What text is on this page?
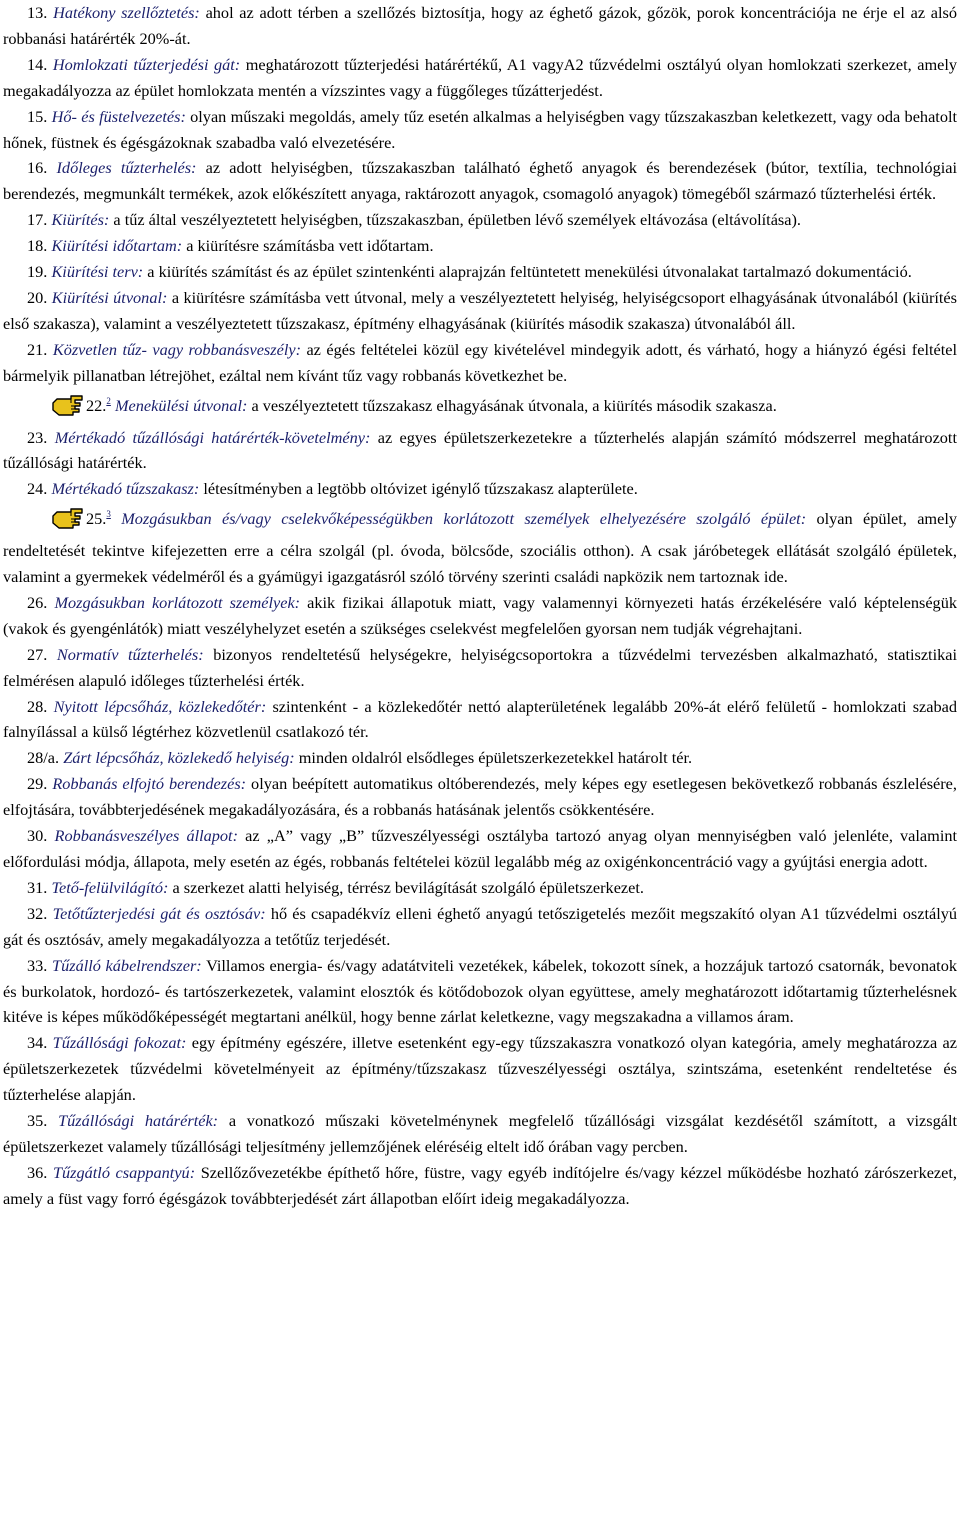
13. Hatékony szellőztetés: ahol az adott térben a szellőzés biztosítja, hogy az éghető gázok, gőzök, porok koncentrációja ne érje el az alsó robbanási határérték 20%-át.

14. Homlokzati tűzterjedési gát: meghatározott tűzterjedési határértékű, A1 vagyA2 tűzvédelmi osztályú olyan homlokzati szerkezet, amely megakadályozza az épület homlokzata mentén a vízszintes vagy a függőleges tűzátterjedést.

15. Hő- és füstelvezetés: olyan műszaki megoldás, amely tűz esetén alkalmas a helyiségben vagy tűzszakaszban keletkezett, vagy oda behatolt hőnek, füstnek és égésgázoknak szabadba való elvezetésére.

16. Időleges tűzterhelés: az adott helyiségben, tűzszakaszban található éghető anyagok és berendezések (bútor, textília, technológiai berendezés, megmunkált termékek, azok előkészített anyaga, raktározott anyagok, csomagoló anyagok) tömegéből származó tűzterhelési érték.

17. Kiürítés: a tűz által veszélyeztetett helyiségben, tűzszakaszban, épületben lévő személyek eltávozása (eltávolítása).

18. Kiürítési időtartam: a kiürítésre számításba vett időtartam.

19. Kiürítési terv: a kiürítés számítást és az épület szintenkénti alaprajzán feltüntetett menekülési útvonalakat tartalmazó dokumentáció.

20. Kiürítési útvonal: a kiürítésre számításba vett útvonal, mely a veszélyeztetett helyiség, helyiségcsoport elhagyásának útvonalából (kiürítés első szakasza), valamint a veszélyeztetett tűzszakasz, építmény elhagyásának (kiürítés második szakasza) útvonalából áll.

21. Közvetlen tűz- vagy robbanásveszély: az égés feltételei közül egy kivételével mindegyik adott, és várható, hogy a hiányzó égési feltétel bármelyik pillanatban létrejöhet, ezáltal nem kívánt tűz vagy robbanás következhet be.

22.$^2$ Menekülési útvonal: a veszélyeztetett tűzszakasz elhagyásának útvonala, a kiürítés második szakasza.

23. Mértékadó tűzállósági határérték-követelmény: az egyes épületszerkezetekre a tűzterhelés alapján számító módszerrel meghatározott tűzállósági határérték.

24. Mértékadó tűzszakasz: létesítményben a legtöbb oltóvizet igénylő tűzszakasz alapterülete.

25.$^3$ Mozgásukban és/vagy cselekvőképességükben korlátozott személyek elhelyezésére szolgáló épület: olyan épület, amely rendeltetését tekintve kifejezetten erre a célra szolgál (pl. óvoda, bölcsőde, szociális otthon). A csak járóbetegek ellátását szolgáló épületek, valamint a gyermekek védelméről és a gyámügyi igazgatásról szóló törvény szerinti családi napközik nem tartoznak ide.

26. Mozgásukban korlátozott személyek: akik fizikai állapotuk miatt, vagy valamennyi környezeti hatás érzékelésére való képtelenségük (vakok és gyengénlátók) miatt veszélyhelyzet esetén a szükséges cselekvést megfelelően gyorsan nem tudják végrehajtani.

27. Normatív tűzterhelés: bizonyos rendeltetésű helységekre, helyiségcsoportokra a tűzvédelmi tervezésben alkalmazható, statisztikai felmérésen alapuló időleges tűzterhelési érték.

28. Nyitott lépcsőház, közlekedőtér: szintenként - a közlekedőtér nettó alapterületének legalább 20%-át elérő felületű - homlokzati szabad falnyílással a külső légtérhez közvetlenül csatlakozó tér.

28/a. Zárt lépcsőház, közlekedő helyiség: minden oldalról elsődleges épületszerkezetekkel határolt tér.

29. Robbanás elfojtó berendezés: olyan beépített automatikus oltóberendezés, mely képes egy esetlegesen bekövetkező robbanás észlelésére, elfojtására, továbbterjedésének megakadályozására, és a robbanás hatásának jelentős csökkentésére.

30. Robbanásveszélyes állapot: az „A” vagy „B” tűzveszélyességi osztályba tartozó anyag olyan mennyiségben való jelenléte, valamint előfordulási módja, állapota, mely esetén az égés, robbanás feltételei közül legalább még az oxigénkoncentráció vagy a gyújtási energia adott.

31. Tető-felülvilágító: a szerkezet alatti helyiség, térrész bevilágítását szolgáló épületszerkezet.

32. Tetőtűzterjedési gát és osztósáv: hő és csapadékvíz elleni éghető anyagú tetőszigetelés mezőit megszakító olyan A1 tűzvédelmi osztályú gát és osztósáv, amely megakadályozza a tetőtűz terjedését.

33. Tűzálló kábelrendszer: Villamos energia- és/vagy adatátviteli vezetékek, kábelek, tokozott sínek, a hozzájuk tartozó csatornák, bevonatok és burkolatok, hordozó- és tartószerkezetek, valamint elosztók és kötődobozok olyan együttese, amely meghatározott időtartamig tűzterhelésnek kitéve is képes működőképességét megtartani anélkül, hogy benne zárlat keletkezne, vagy megszakadna a villamos áram.

34. Tűzállósági fokozat: egy építmény egészére, illetve esetenként egy-egy tűzszakaszra vonatkozó olyan kategória, amely meghatározza az épületszerkezetek tűzvédelmi követelményeit az építmény/tűzszakasz tűzveszélyességi osztálya, szintszáma, esetenként rendeltetése és tűzterhelése alapján.

35. Tűzállósági határérték: a vonatkozó műszaki követelménynek megfelelő tűzállósági vizsgálat kezdésétől számított, a vizsgált épületszerkezet valamely tűzállósági teljesítmény jellemzőjének eléréséig eltelt idő órában vagy percben.

36. Tűzgátló csappantyú: Szellőzővezetékbe építhető hőre, füstre, vagy egyéb indítójelre és/vagy kézzel működésbe hozható zárószerkezet, amely a füst vagy forró égésgázok továbbterjedését zárt állapotban előírt ideig megakadályozza.
